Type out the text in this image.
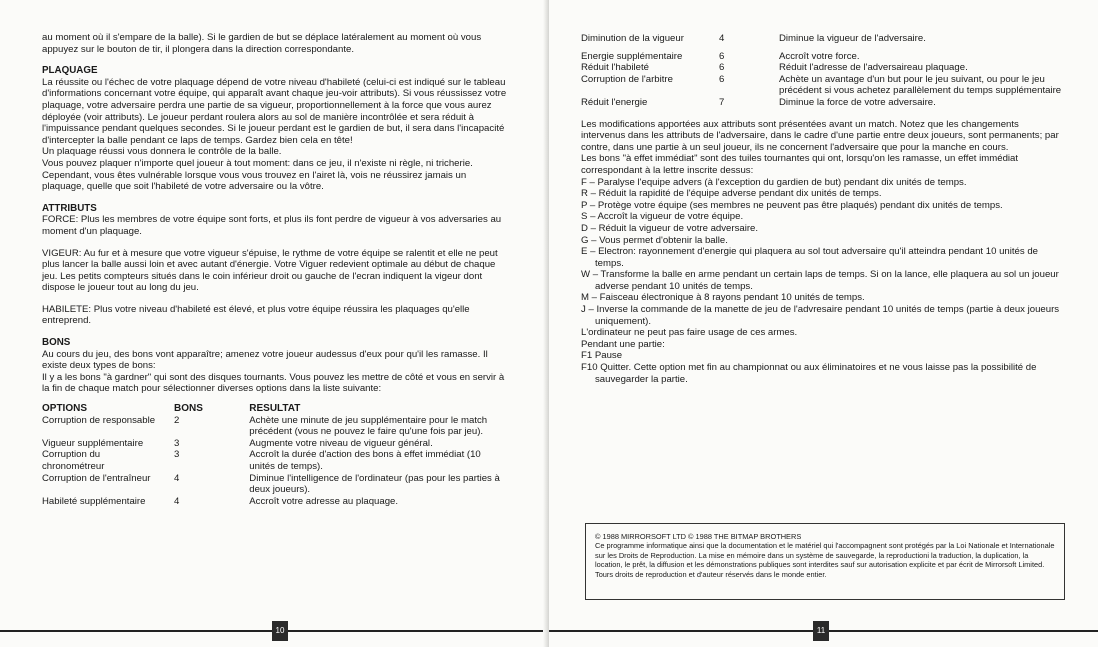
au moment où il s'empare de la balle). Si le gardien de but se déplace latéralement au moment où vous appuyez sur le bouton de tir, il plongera dans la direction correspondante.

PLAQUAGE

La réussite ou l'échec de votre plaquage dépend de votre niveau d'habileté (celui-ci est indiqué sur le tableau d'informations concernant votre équipe, qui apparaît avant chaque jeu-voir attributs). Si vous réussissez votre plaquage, votre adversaire perdra une partie de sa vigueur, proportionnellement à la force que vous aurez déployée (voir attributs). Le joueur perdant roulera alors au sol de manière incontrôlée et sera réduit à l'impuissance pendant quelques secondes. Si le joueur perdant est le gardien de but, il sera dans l'incapacité d'intercepter la balle pendant ce laps de temps. Gardez bien cela en tête!

Un plaquage réussi vous donnera le contrôle de la balle.

Vous pouvez plaquer n'importe quel joueur à tout moment: dans ce jeu, il n'existe ni règle, ni tricherie. Cependant, vous êtes vulnérable lorsque vous vous trouvez en l'airet là, vois ne réussirez jamais un plaquage, quelle que soit l'habileté de votre adversaire ou la vôtre.

ATTRIBUTS

FORCE: Plus les membres de votre équipe sont forts, et plus ils font perdre de vigueur à vos adversaries au moment d'un plaquage.

VIGEUR: Au fur et à mesure que votre vigueur s'épuise, le rythme de votre équipe se ralentit et elle ne peut plus lancer la balle aussi loin et avec autant d'énergie. Votre Viguer redevient optimale au début de chaque jeu. Les petits compteurs situés dans le coin inférieur droit ou gauche de l'ecran indiquent la vigeur dont dispose le joueur tout au long du jeu.

HABILETE: Plus votre niveau d'habileté est élevé, et plus votre équipe réussira les plaquages qu'elle entreprend.

BONS

Au cours du jeu, des bons vont apparaître; amenez votre joueur audessus d'eux pour qu'il les ramasse. Il existe deux types de bons:

Il y a les bons "à gardner" qui sont des disques tournants. Vous pouvez les mettre de côté et vous en servir à la fin de chaque match pour sélectionner diverses options dans la liste suivante:

OPTIONS	BONS	RESULTAT
Corruption de responsable	2	Achète une minute de jeu supplémentaire pour le match précédent (vous ne pouvez le faire qu'une fois par jeu).
Vigueur supplémentaire	3	Augmente votre niveau de vigueur général.
Corruption du chronométreur	3	Accroît la durée d'action des bons à effet immédiat (10 unités de temps).
Corruption de l'entraîneur	4	Diminue l'intelligence de l'ordinateur (pas pour les parties à deux joueurs).
Habileté supplémentaire	4	Accroît votre adresse au plaquage.
10
Diminution de la vigueur	4	Diminue la vigueur de l'adversaire.

Energie supplémentaire	6	Accroît votre force.
Réduit l'habileté	6	Réduit l'adresse de l'adversaireau plaquage.
Corruption de l'arbitre	6	Achète un avantage d'un but pour le jeu suivant, ou pour le jeu précédent si vous achetez parallèlement du temps supplémentaire
Réduit l'energie	7	Diminue la force de votre adversaire.

Les modifications apportées aux attributs sont présentées avant un match. Notez que les changements intervenus dans les attributs de l'adversaire, dans le cadre d'une partie entre deux joueurs, sont permanents; par contre, dans une partie à un seul joueur, ils ne concernent l'adversaire que pour la manche en cours.

Les bons "à effet immédiat" sont des tuiles tournantes qui ont, lorsqu'on les ramasse, un effet immédiat correspondant à la lettre inscrite dessus:

F – Paralyse l'equipe advers (à l'exception du gardien de but) pendant dix unités de temps.

R – Réduit la rapidité de l'équipe adverse pendant dix unités de temps.

P – Protège votre équipe (ses membres ne peuvent pas être plaqués) pendant dix unités de temps.

S – Accroît la vigueur de votre équipe.

D – Réduit la vigueur de votre adversaire.

G – Vous permet d'obtenir la balle.

E – Electron: rayonnement d'energie qui plaquera au sol tout adversaire qu'il atteindra pendant 10 unités de temps.

W – Transforme la balle en arme pendant un certain laps de temps. Si on la lance, elle plaquera au sol un joueur adverse pendant 10 unités de temps.

M – Faisceau électronique à 8 rayons pendant 10 unités de temps.

J – Inverse la commande de la manette de jeu de l'advresaire pendant 10 unités de temps (partie à deux joueurs uniquement).

L'ordinateur ne peut pas faire usage de ces armes.

Pendant une partie:

F1 Pause

F10 Quitter. Cette option met fin au championnat ou aux éliminatoires et ne vous laisse pas la possibilité de sauvegarder la partie.

© 1988 MIRRORSOFT LTD © 1988 THE BITMAP BROTHERS

Ce programme informatique ainsi que la documentation et le matériel qui l'accompagnent sont protégés par la Loi Nationale et Internationale sur les Droits de Reproduction. La mise en mémoire dans un système de sauvegarde, la reproductioni la traduction, la duplication, la location, le prêt, la diffusion et les démonstrations publiques sont interdites sauf sur autorisation explicite et par écrit de Mirrorsoft Limited. Tours droits de reproduction et d'auteur réservés dans le monde entier.

11
